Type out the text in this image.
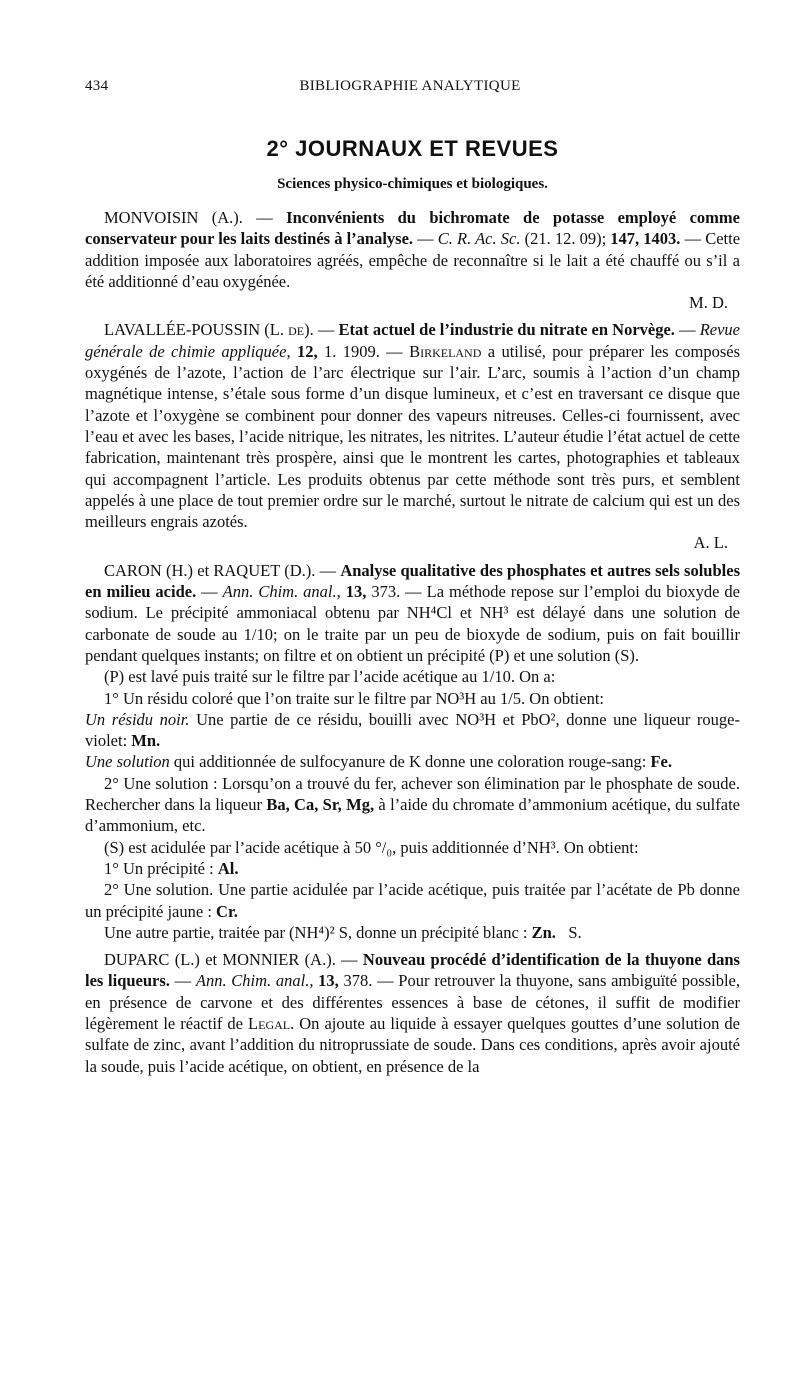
434	BIBLIOGRAPHIE ANALYTIQUE
2° JOURNAUX ET REVUES
Sciences physico-chimiques et biologiques.

MONVOISIN (A.). — Inconvénients du bichromate de potasse employé comme conservateur pour les laits destinés à l’analyse. — C. R. Ac. Sc. (21. 12. 09); 147, 1403. — Cette addition imposée aux laboratoires agréés, empêche de reconnaître si le lait a été chauffé ou s’il a été additionné d’eau oxygénée.

M. D.

LAVALLÉE-POUSSIN (L. de). — Etat actuel de l’industrie du nitrate en Norvège. — Revue générale de chimie appliquée, 12, 1. 1909. — Birkeland a utilisé, pour préparer les composés oxygénés de l’azote, l’action de l’arc électrique sur l’air. L’arc, soumis à l’action d’un champ magnétique intense, s’étale sous forme d’un disque lumineux, et c’est en traversant ce disque que l’azote et l’oxygène se combinent pour donner des vapeurs nitreuses. Celles-ci fournissent, avec l’eau et avec les bases, l’acide nitrique, les nitrates, les nitrites. L’auteur étudie l’état actuel de cette fabrication, maintenant très prospère, ainsi que le montrent les cartes, photographies et tableaux qui accompagnent l’article. Les produits obtenus par cette méthode sont très purs, et semblent appelés à une place de tout premier ordre sur le marché, surtout le nitrate de calcium qui est un des meilleurs engrais azotés.

A. L.

CARON (H.) et RAQUET (D.). — Analyse qualitative des phosphates et autres sels solubles en milieu acide. — Ann. Chim. anal., 13, 373. — La méthode repose sur l’emploi du bioxyde de sodium. Le précipité ammoniacal obtenu par NH⁴Cl et NH³ est délayé dans une solution de carbonate de soude au 1/10; on le traite par un peu de bioxyde de sodium, puis on fait bouillir pendant quelques instants; on filtre et on obtient un précipité (P) et une solution (S).

(P) est lavé puis traité sur le filtre par l’acide acétique au 1/10. On a:

1° Un résidu coloré que l’on traite sur le filtre par NO³H au 1/5. On obtient:

Un résidu noir. Une partie de ce résidu, bouilli avec NO³H et PbO², donne une liqueur rouge-violet: Mn.

Une solution qui additionnée de sulfocyanure de K donne une coloration rouge-sang: Fe.

2° Une solution : Lorsqu’on a trouvé du fer, achever son élimination par le phosphate de soude. Rechercher dans la liqueur Ba, Ca, Sr, Mg, à l’aide du chromate d’ammonium acétique, du sulfate d’ammonium, etc.

(S) est acidulée par l’acide acétique à 50 °/₀, puis additionnée d’NH³. On obtient:

1° Un précipité : Al.

2° Une solution. Une partie acidulée par l’acide acétique, puis traitée par l’acétate de Pb donne un précipité jaune : Cr.

Une autre partie, traitée par (NH⁴)² S, donne un précipité blanc : Zn. S.

DUPARC (L.) et MONNIER (A.). — Nouveau procédé d’identification de la thuyone dans les liqueurs. — Ann. Chim. anal., 13, 378. — Pour retrouver la thuyone, sans ambiguïté possible, en présence de carvone et des différentes essences à base de cétones, il suffit de modifier légèrement le réactif de Legal. On ajoute au liquide à essayer quelques gouttes d’une solution de sulfate de zinc, avant l’addition du nitroprussiate de soude. Dans ces conditions, après avoir ajouté la soude, puis l’acide acétique, on obtient, en présence de la
